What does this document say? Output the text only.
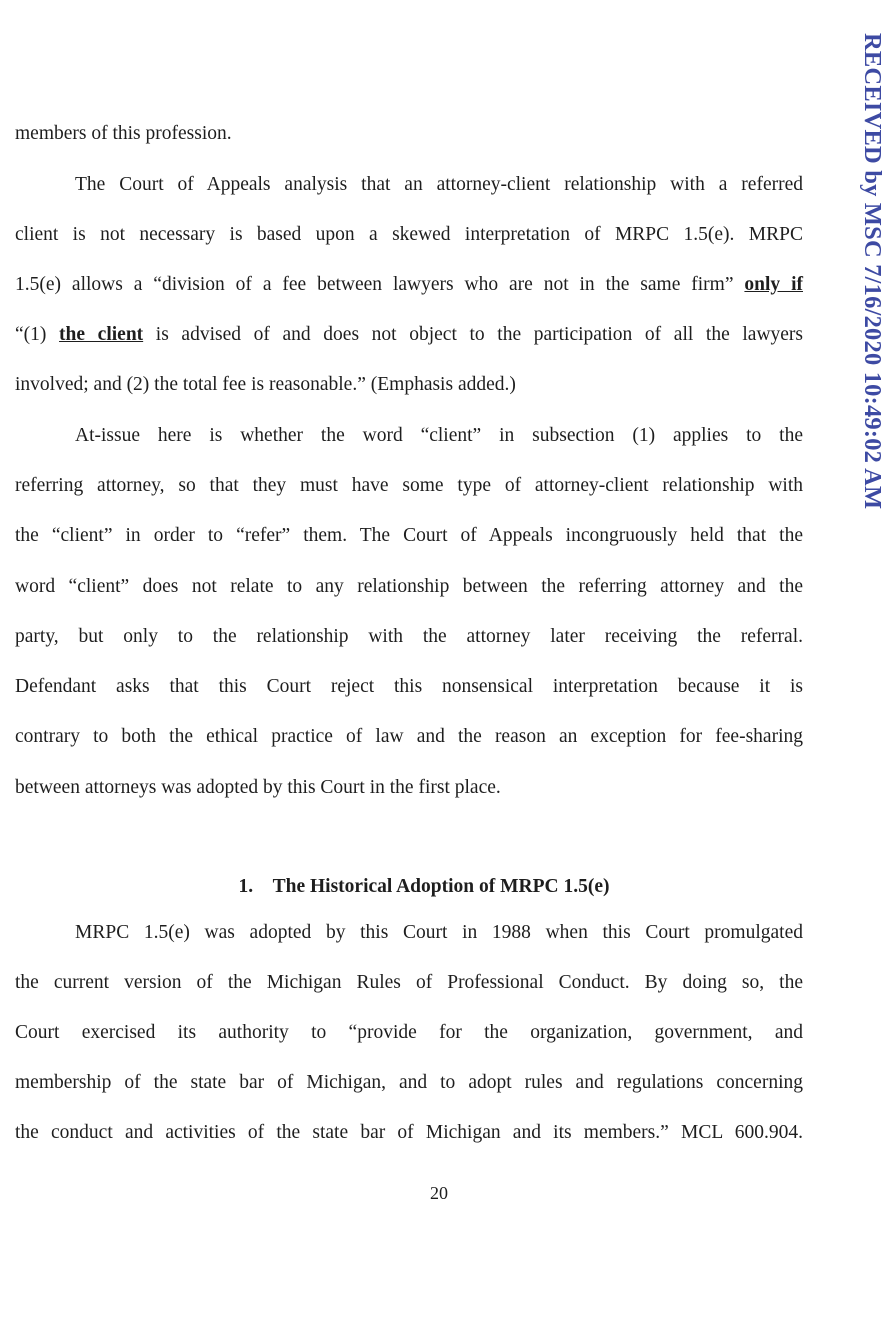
RECEIVED by MSC 7/16/2020 10:49:02 AM
members of this profession.
The Court of Appeals analysis that an attorney-client relationship with a referred
client is not necessary is based upon a skewed interpretation of MRPC 1.5(e). MRPC
1.5(e) allows a “division of a fee between lawyers who are not in the same firm” only if
“(1) the client is advised of and does not object to the participation of all the lawyers
involved; and (2) the total fee is reasonable.” (Emphasis added.)
At-issue here is whether the word “client” in subsection (1) applies to the
referring attorney, so that they must have some type of attorney-client relationship with
the “client” in order to “refer” them. The Court of Appeals incongruously held that the
word “client” does not relate to any relationship between the referring attorney and the
party, but only to the relationship with the attorney later receiving the referral.
Defendant asks that this Court reject this nonsensical interpretation because it is
contrary to both the ethical practice of law and the reason an exception for fee-sharing
between attorneys was adopted by this Court in the first place.
1.  The Historical Adoption of MRPC 1.5(e)
MRPC 1.5(e) was adopted by this Court in 1988 when this Court promulgated
the current version of the Michigan Rules of Professional Conduct. By doing so, the
Court exercised its authority to “provide for the organization, government, and
membership of the state bar of Michigan, and to adopt rules and regulations concerning
the conduct and activities of the state bar of Michigan and its members.” MCL 600.904.
20
